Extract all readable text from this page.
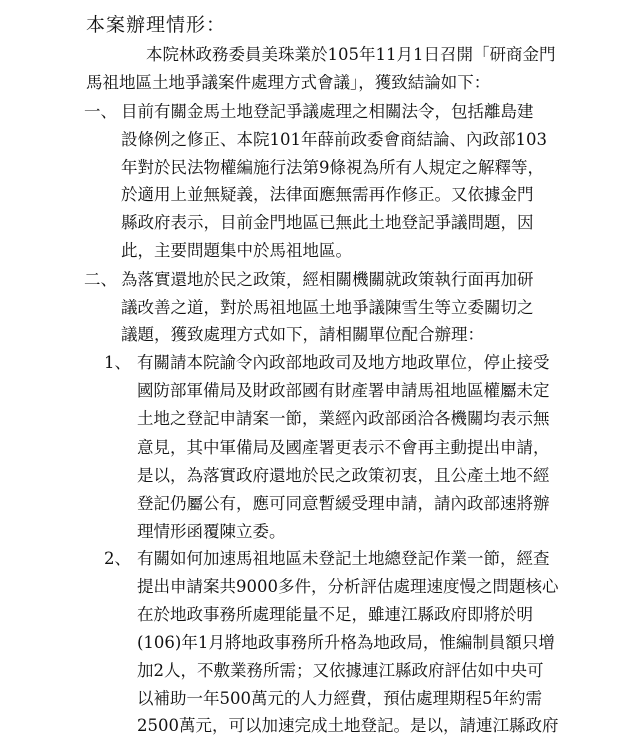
本案辦理情形：
本院林政務委員美珠業於105年11月1日召開「研商金門
馬祖地區土地爭議案件處理方式會議」，獲致結論如下：
一、 目前有關金馬土地登記爭議處理之相關法令，包括離島建
設條例之修正、本院101年薛前政委會商結論、內政部103
年對於民法物權編施行法第9條視為所有人規定之解釋等，
於適用上並無疑義，法律面應無需再作修正。又依據金門
縣政府表示，目前金門地區已無此土地登記爭議問題，因
此，主要問題集中於馬祖地區。
二、 為落實還地於民之政策，經相關機關就政策執行面再加研
議改善之道，對於馬祖地區土地爭議陳雪生等立委關切之
議題，獲致處理方式如下，請相關單位配合辦理：
1、 有關請本院諭令內政部地政司及地方地政單位，停止接受
國防部軍備局及財政部國有財產署申請馬祖地區權屬未定
土地之登記申請案一節，業經內政部函洽各機關均表示無
意見，其中軍備局及國產署更表示不會再主動提出申請，
是以，為落實政府還地於民之政策初衷，且公產土地不經
登記仍屬公有，應可同意暫緩受理申請，請內政部速將辦
理情形函覆陳立委。
2、 有關如何加速馬祖地區未登記土地總登記作業一節，經查
提出申請案共9000多件，分析評估處理速度慢之問題核心
在於地政事務所處理能量不足，雖連江縣政府即將於明
(106)年1月將地政事務所升格為地政局，惟編制員額只增
加2人，不敷業務所需；又依據連江縣政府評估如中央可
以補助一年500萬元的人力經費，預估處理期程5年約需
2500萬元，可以加速完成土地登記。是以，請連江縣政府
